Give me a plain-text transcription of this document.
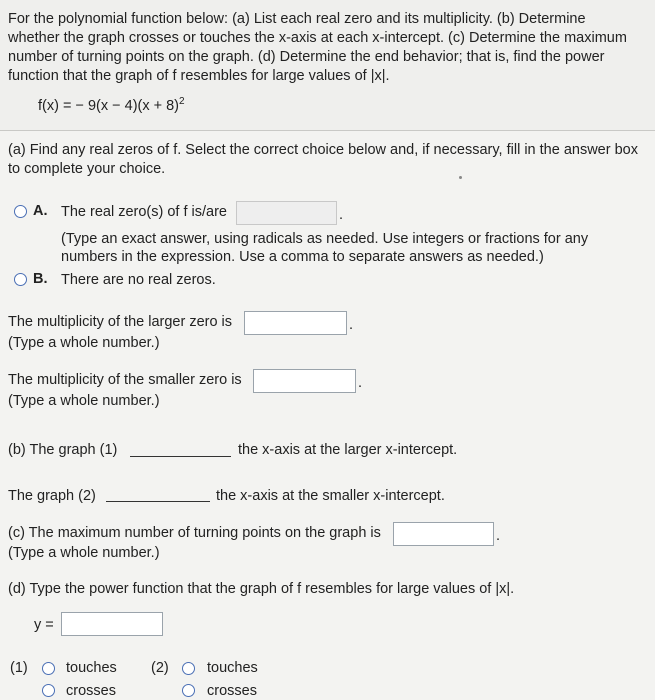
For the polynomial function below: (a) List each real zero and its multiplicity. (b) Determine
whether the graph crosses or touches the x-axis at each x-intercept. (c) Determine the maximum
number of turning points on the graph. (d) Determine the end behavior; that is, find the power
function that the graph of f resembles for large values of |x|.
f(x) = − $9(x - 4)(x + 8)^2$
(a) Find any real zeros of f. Select the correct choice below and, if necessary, fill in the answer box
to complete your choice.
A. The real zero(s) of f is/are	.
(Type an exact answer, using radicals as needed. Use integers or fractions for any
numbers in the expression. Use a comma to separate answers as needed.)
B. There are no real zeros.
The multiplicity of the larger zero is	.
(Type a whole number.)
The multiplicity of the smaller zero is	.
(Type a whole number.)
(b) The graph (1)	the x-axis at the larger x-intercept.
The graph (2)	the x-axis at the smaller x-intercept.
(c) The maximum number of turning points on the graph is	.
(Type a whole number.)
(d) Type the power function that the graph of f resembles for large values of |x|.
y =
(1)	touches
crosses
(2)	touches
crosses
